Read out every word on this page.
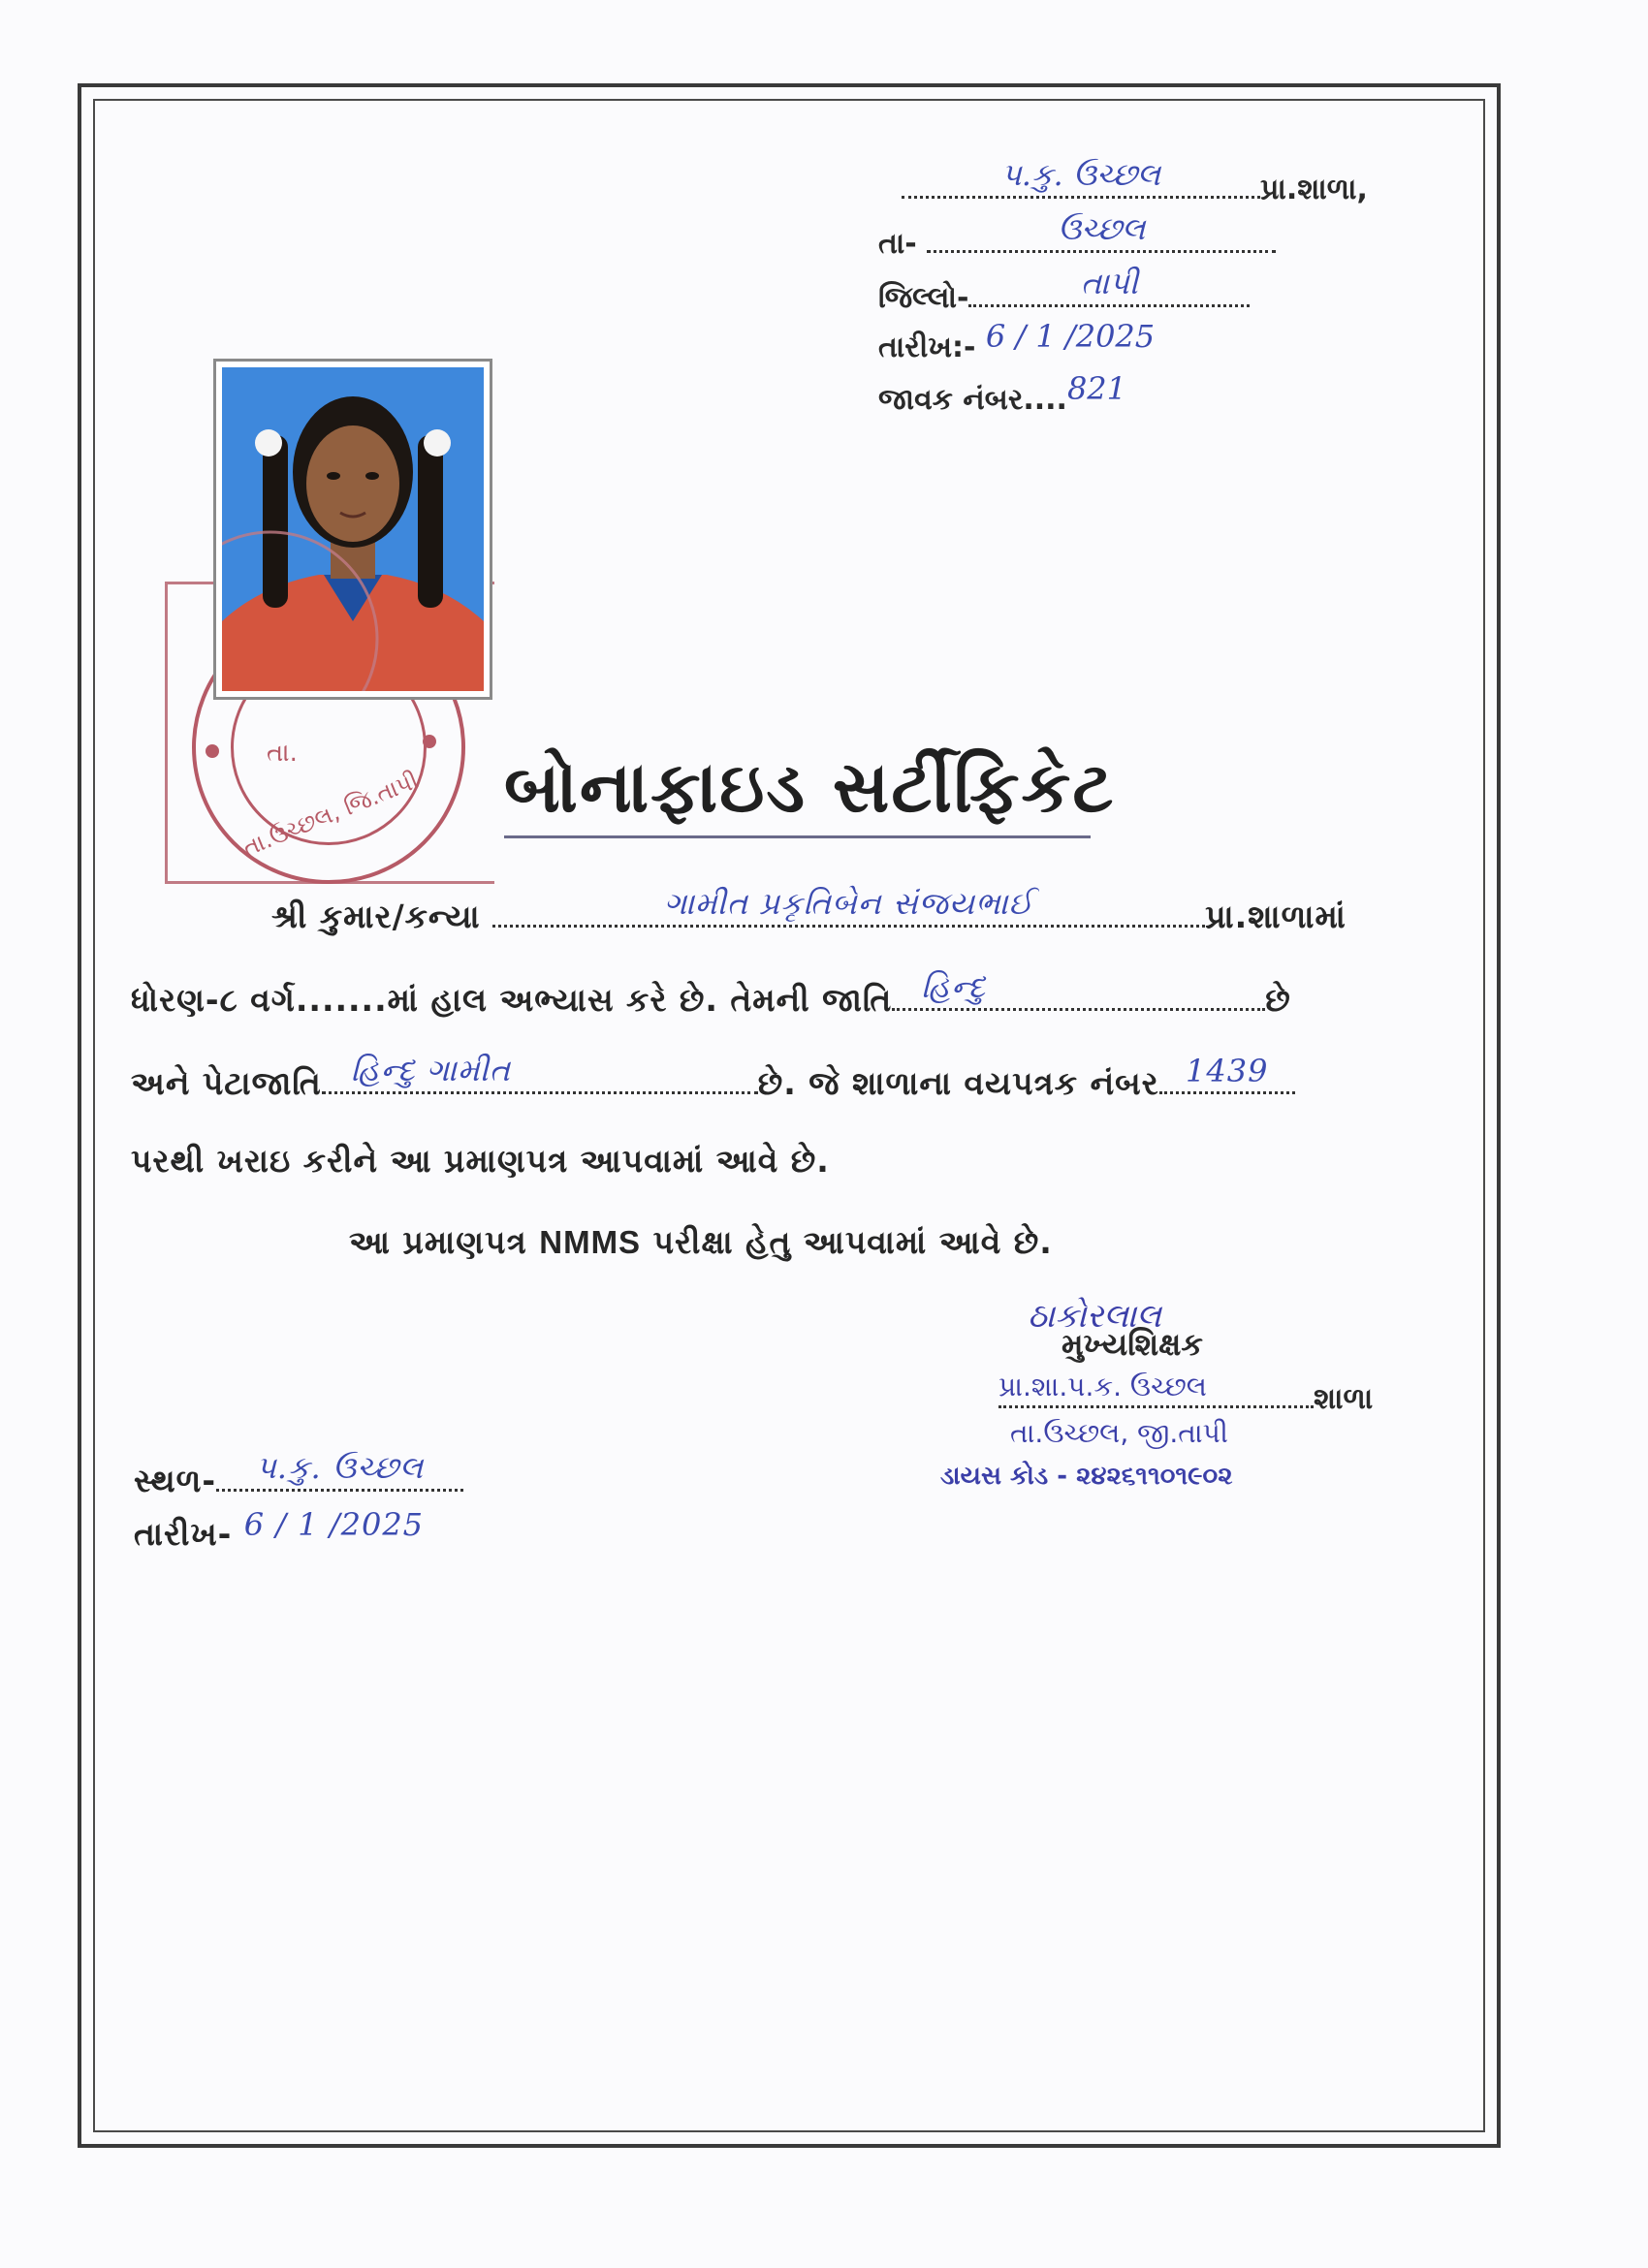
પ.કુ. ઉચ્છલ	પ્રા.શાળા,
તા-	ઉચ્છલ
જિલ્લો-	તાપી
તારીખ:- 6 / 1 /2025
જાવક નંબર.... 821
તા.
તા.ઉચ્છલ, જિ.તાપી બોનાફાઇડ સર્ટીફિકેટ
શ્રી કુમાર/કન્યા	ગામીત પ્રકૃતિબેન સંજયભાઈ	પ્રા.શાળામાં
ધોરણ-૮ વર્ગ.......માં હાલ અભ્યાસ કરે છે. તેમની જાતિ હિન્દુ	છે
અને પેટાજાતિ હિન્દુ ગામીત	છે. જે શાળાના વયપત્રક નંબર 1439
પરથી ખરાઇ કરીને આ પ્રમાણપત્ર આપવામાં આવે છે.
આ પ્રમાણપત્ર NMMS પરીક્ષા હેતુ આપવામાં આવે છે.
ઠાકોરલાલ
મુખ્યશિક્ષક
પ્રા.શા.પ.ક. ઉચ્છલ	શાળા
તા.ઉચ્છલ, જી.તાપી
ડાયસ કોડ - ૨૪૨૬૧૧૦૧૯૦૨
સ્થળ-	પ.કુ. ઉચ્છલ
તારીખ- 6 / 1 /2025
